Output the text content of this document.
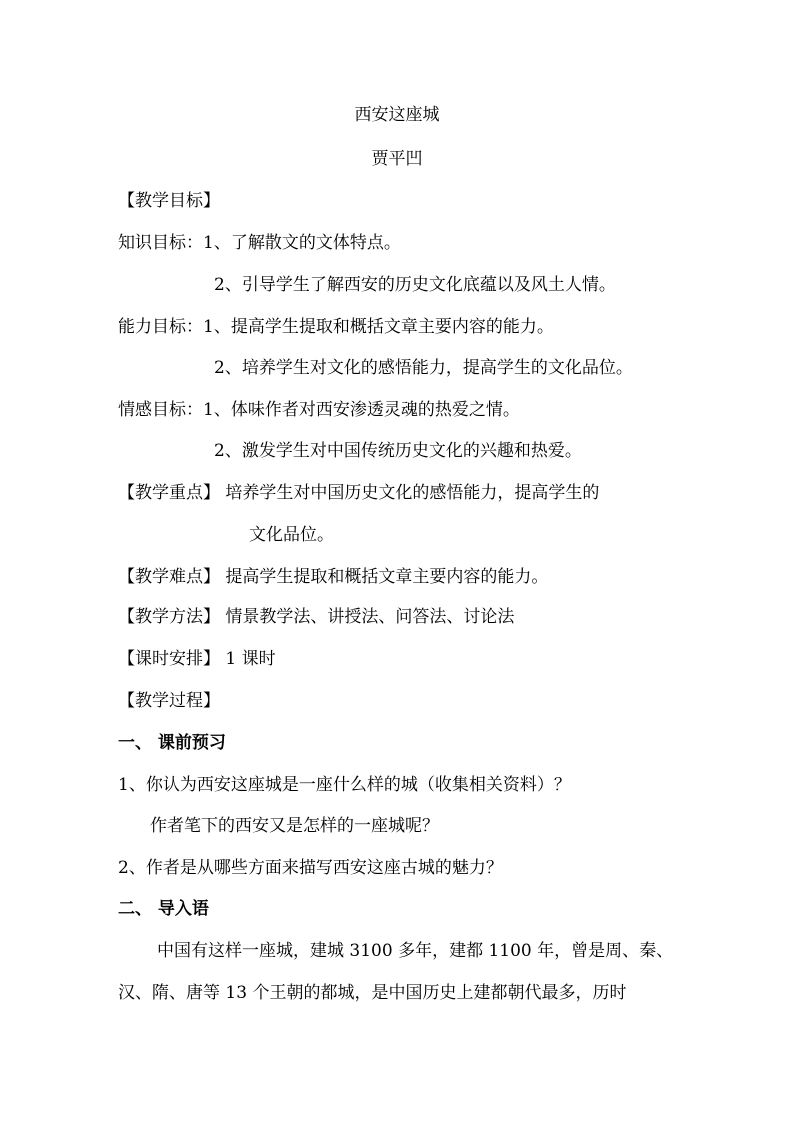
西安这座城
贾平凹
【教学目标】
知识目标：1、了解散文的文体特点。
2、引导学生了解西安的历史文化底蕴以及风土人情。
能力目标：1、提高学生提取和概括文章主要内容的能力。
2、培养学生对文化的感悟能力，提高学生的文化品位。
情感目标：1、体味作者对西安渗透灵魂的热爱之情。
2、激发学生对中国传统历史文化的兴趣和热爱。
【教学重点】 培养学生对中国历史文化的感悟能力，提高学生的
文化品位。
【教学难点】 提高学生提取和概括文章主要内容的能力。
【教学方法】 情景教学法、讲授法、问答法、讨论法
【课时安排】 1 课时
【教学过程】
一、 课前预习
1、你认为西安这座城是一座什么样的城（收集相关资料）？
作者笔下的西安又是怎样的一座城呢？
2、作者是从哪些方面来描写西安这座古城的魅力？
二、 导入语
中国有这样一座城，建城 3100 多年，建都 1100 年，曾是周、秦、
汉、隋、唐等 13 个王朝的都城，是中国历史上建都朝代最多，历时
